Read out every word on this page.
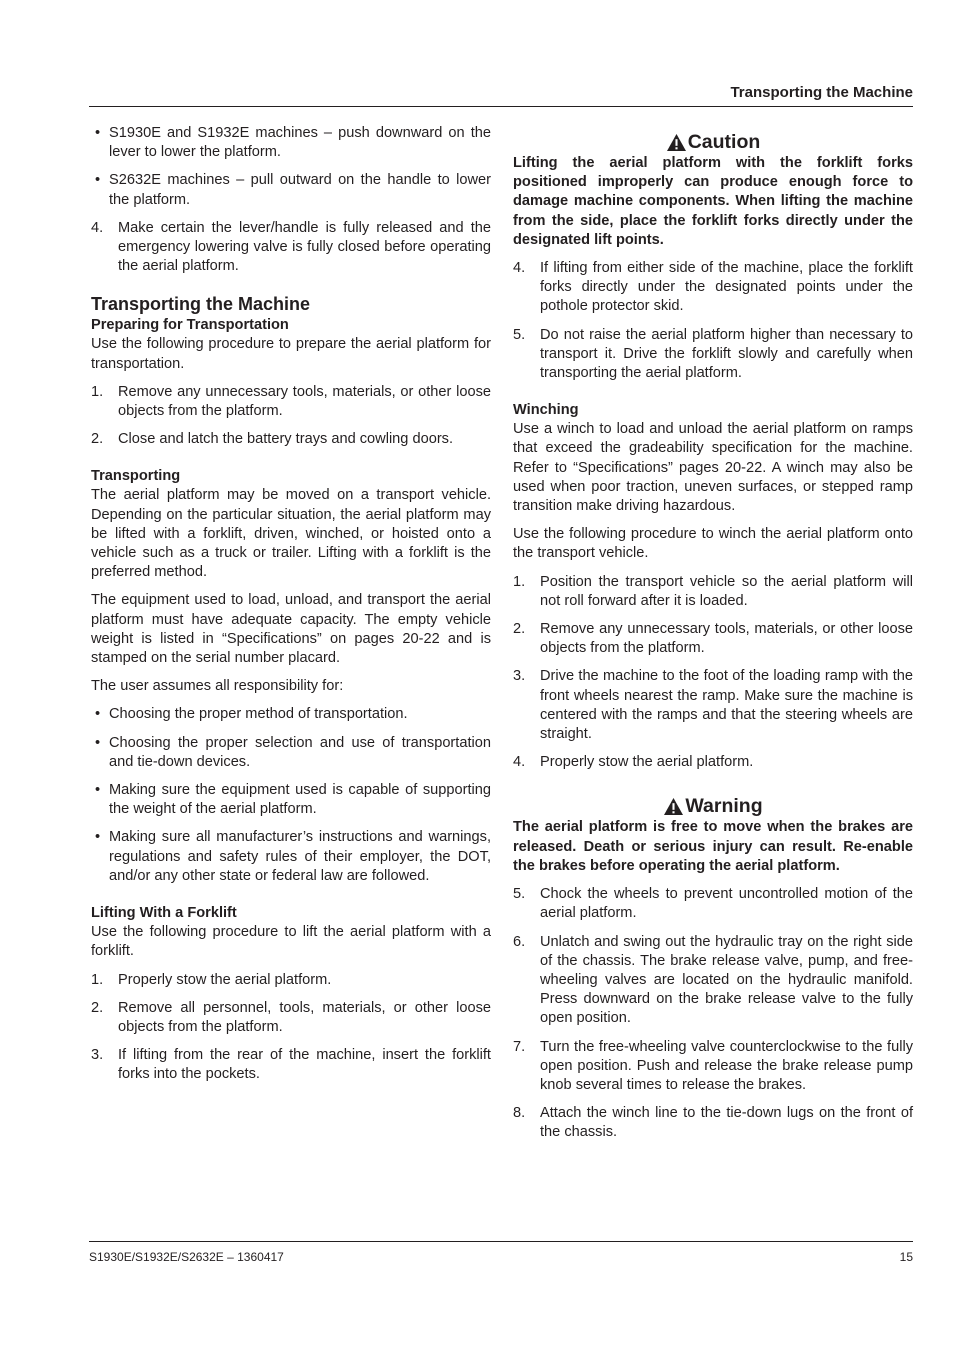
Transporting the Machine
• S1930E and S1932E machines – push downward on the lever to lower the platform.
• S2632E machines – pull outward on the handle to lower the platform.
4.	Make certain the lever/handle is fully released and the emergency lowering valve is fully closed before operating the aerial platform.
Transporting the Machine
Preparing for Transportation

Use the following procedure to prepare the aerial platform for transportation.

1.	Remove any unnecessary tools, materials, or other loose objects from the platform.
2.	Close and latch the battery trays and cowling doors.
Transporting

The aerial platform may be moved on a transport vehicle. Depending on the particular situation, the aerial platform may be lifted with a forklift, driven, winched, or hoisted onto a vehicle such as a truck or trailer. Lifting with a forklift is the preferred method.

The equipment used to load, unload, and transport the aerial platform must have adequate capacity. The empty vehicle weight is listed in “Specifications” on pages 20-22 and is stamped on the serial number placard.

The user assumes all responsibility for:

• Choosing the proper method of transportation.
• Choosing the proper selection and use of transportation and tie-down devices.
• Making sure the equipment used is capable of supporting the weight of the aerial platform.
• Making sure all manufacturer’s instructions and warnings, regulations and safety rules of their employer, the DOT, and/or any other state or federal law are followed.
Lifting With a Forklift

Use the following procedure to lift the aerial platform with a forklift.

1.	Properly stow the aerial platform.
2.	Remove all personnel, tools, materials, or other loose objects from the platform.
3.	If lifting from the rear of the machine, insert the forklift forks into the pockets.
Caution

Lifting the aerial platform with the forklift forks positioned improperly can produce enough force to damage machine components. When lifting the machine from the side, place the forklift forks directly under the designated lift points.

4.	If lifting from either side of the machine, place the forklift forks directly under the designated points under the pothole protector skid.
5.	Do not raise the aerial platform higher than necessary to transport it. Drive the forklift slowly and carefully when transporting the aerial platform.
Winching

Use a winch to load and unload the aerial platform on ramps that exceed the gradeability specification for the machine. Refer to “Specifications” pages 20-22. A winch may also be used when poor traction, uneven surfaces, or stepped ramp transition make driving hazardous.

Use the following procedure to winch the aerial platform onto the transport vehicle.

1.	Position the transport vehicle so the aerial platform will not roll forward after it is loaded.
2.	Remove any unnecessary tools, materials, or other loose objects from the platform.
3.	Drive the machine to the foot of the loading ramp with the front wheels nearest the ramp. Make sure the machine is centered with the ramps and that the steering wheels are straight.
4.	Properly stow the aerial platform.
Warning

The aerial platform is free to move when the brakes are released. Death or serious injury can result. Re-enable the brakes before operating the aerial platform.

5.	Chock the wheels to prevent uncontrolled motion of the aerial platform.
6.	Unlatch and swing out the hydraulic tray on the right side of the chassis. The brake release valve, pump, and free-wheeling valves are located on the hydraulic manifold. Press downward on the brake release valve to the fully open position.
7.	Turn the free-wheeling valve counterclockwise to the fully open position. Push and release the brake release pump knob several times to release the brakes.
8.	Attach the winch line to the tie-down lugs on the front of the chassis.
S1930E/S1932E/S2632E – 1360417	15
